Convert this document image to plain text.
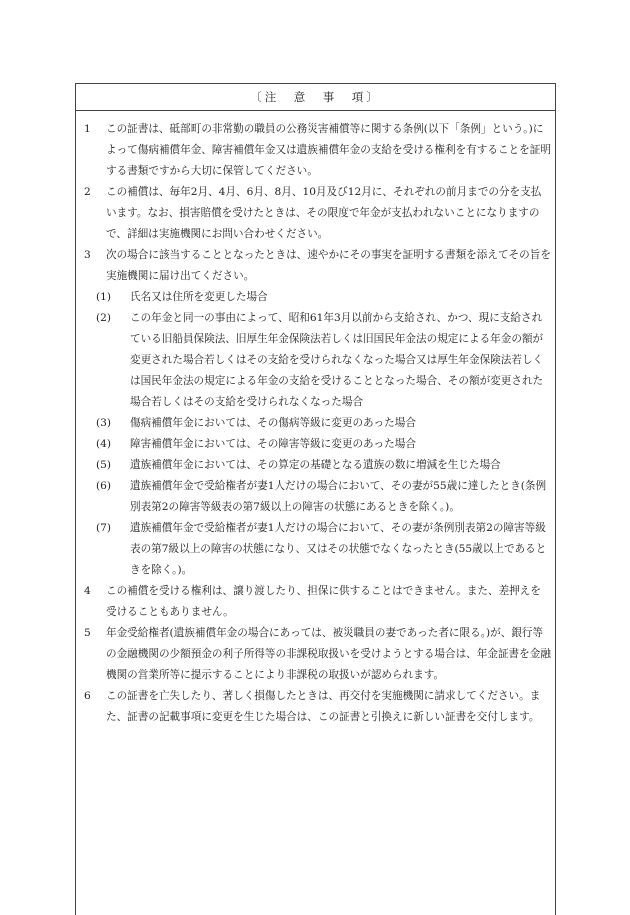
〔注　意　事　項〕
1	この証書は、砥部町の非常勤の職員の公務災害補償等に関する条例(以下「条例」という。)によって傷病補償年金、障害補償年金又は遺族補償年金の支給を受ける権利を有することを証明する書類ですから大切に保管してください。
2	この補償は、毎年2月、4月、6月、8月、10月及び12月に、それぞれの前月までの分を支払います。なお、損害賠償を受けたときは、その限度で年金が支払われないことになりますので、詳細は実施機関にお問い合わせください。
3	次の場合に該当することとなったときは、速やかにその事実を証明する書類を添えてその旨を実施機関に届け出てください。
(1) 氏名又は住所を変更した場合
(2) この年金と同一の事由によって、昭和61年3月以前から支給され、かつ、現に支給されている旧船員保険法、旧厚生年金保険法若しくは旧国民年金法の規定による年金の額が変更された場合若しくはその支給を受けられなくなった場合又は厚生年金保険法若しくは国民年金法の規定による年金の支給を受けることとなった場合、その額が変更された場合若しくはその支給を受けられなくなった場合
(3) 傷病補償年金においては、その傷病等級に変更のあった場合
(4) 障害補償年金においては、その障害等級に変更のあった場合
(5) 遺族補償年金においては、その算定の基礎となる遺族の数に増減を生じた場合
(6) 遺族補償年金で受給権者が妻1人だけの場合において、その妻が55歳に達したとき(条例別表第2の障害等級表の第7級以上の障害の状態にあるときを除く。)。
(7) 遺族補償年金で受給権者が妻1人だけの場合において、その妻が条例別表第2の障害等級表の第7級以上の障害の状態になり、又はその状態でなくなったとき(55歳以上であるときを除く。)。
4	この補償を受ける権利は、譲り渡したり、担保に供することはできません。また、差押えを受けることもありません。
5	年金受給権者(遺族補償年金の場合にあっては、被災職員の妻であった者に限る。)が、銀行等の金融機関の少額預金の利子所得等の非課税取扱いを受けようとする場合は、年金証書を金融機関の営業所等に提示することにより非課税の取扱いが認められます。
6	この証書を亡失したり、著しく損傷したときは、再交付を実施機関に請求してください。また、証書の記載事項に変更を生じた場合は、この証書と引換えに新しい証書を交付します。
